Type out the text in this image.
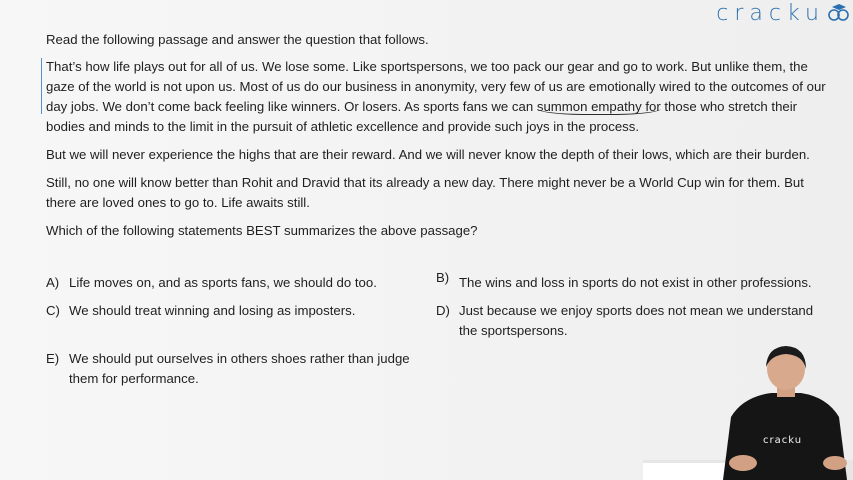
cracku

Read the following passage and answer the question that follows.

That’s how life plays out for all of us. We lose some. Like sportspersons, we too pack our gear and go to work. But unlike them, the gaze of the world is not upon us. Most of us do our business in anonymity, very few of us are emotionally wired to the outcomes of our day jobs. We don’t come back feeling like winners. Or losers. As sports fans we can summon empathy for those who stretch their bodies and minds to the limit in the pursuit of athletic excellence and provide such joys in the process.

But we will never experience the highs that are their reward. And we will never know the depth of their lows, which are their burden.

Still, no one will know better than Rohit and Dravid that its already a new day. There might never be a World Cup win for them. But there are loved ones to go to. Life awaits still.

Which of the following statements BEST summarizes the above passage?

A) Life moves on, and as sports fans, we should do too.	B) The wins and loss in sports do not exist in other professions.
C) We should treat winning and losing as imposters.	D) Just because we enjoy sports does not mean we understand the sportspersons.
E) We should put ourselves in others shoes rather than judge them for performance.
cracku
